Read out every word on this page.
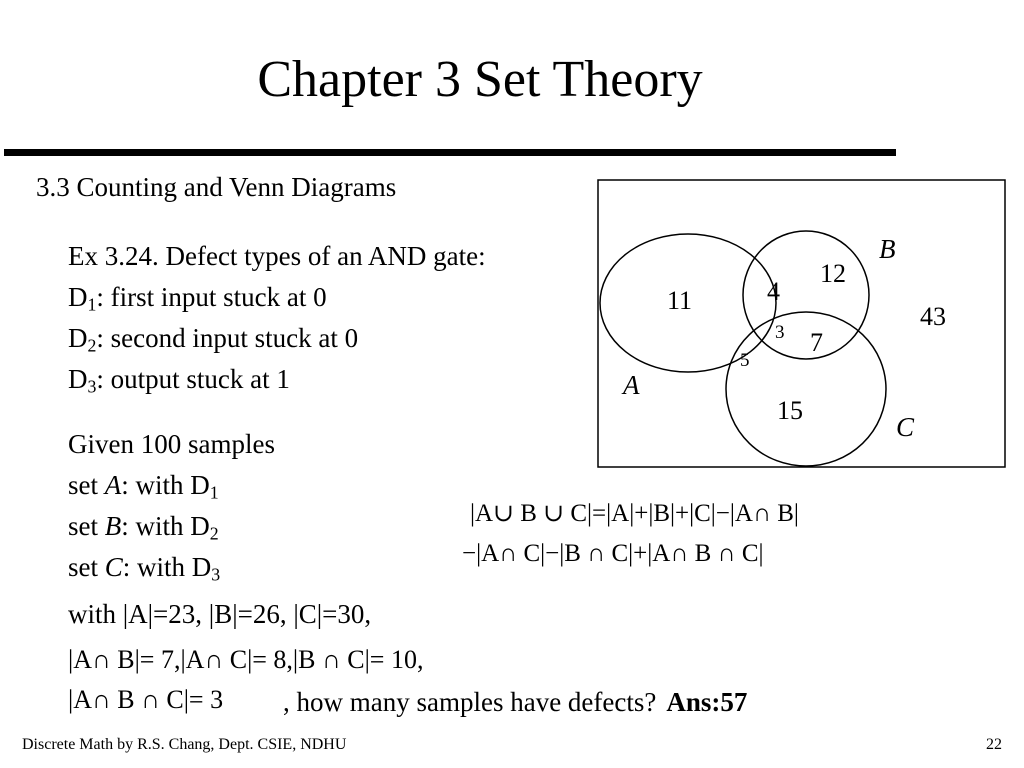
Chapter 3 Set Theory
3.3 Counting and Venn Diagrams
Ex 3.24. Defect types of an AND gate:
$D_1$: first input stuck at 0
$D_2$: second input stuck at 0
$D_3$: output stuck at 1
Given 100 samples
set A: with $D_1$
set B: with $D_2$
set C: with $D_3$
with |A|=23, |B|=26, |C|=30,
|A∩ B|= 7,|A∩ C|= 8,|B ∩ C|= 10,
|A∩ B ∩ C|= 3 , how many samples have defects? Ans:57
|A∪ B ∪ C|=|A|+|B|+|C|−|A∩ B|
−|A∩ C|−|B ∩ C|+|A∩ B ∩ C|
B
A
C
11	4
12
3
5
7
15
43
Discrete Math by R.S. Chang, Dept. CSIE, NDHU	22
